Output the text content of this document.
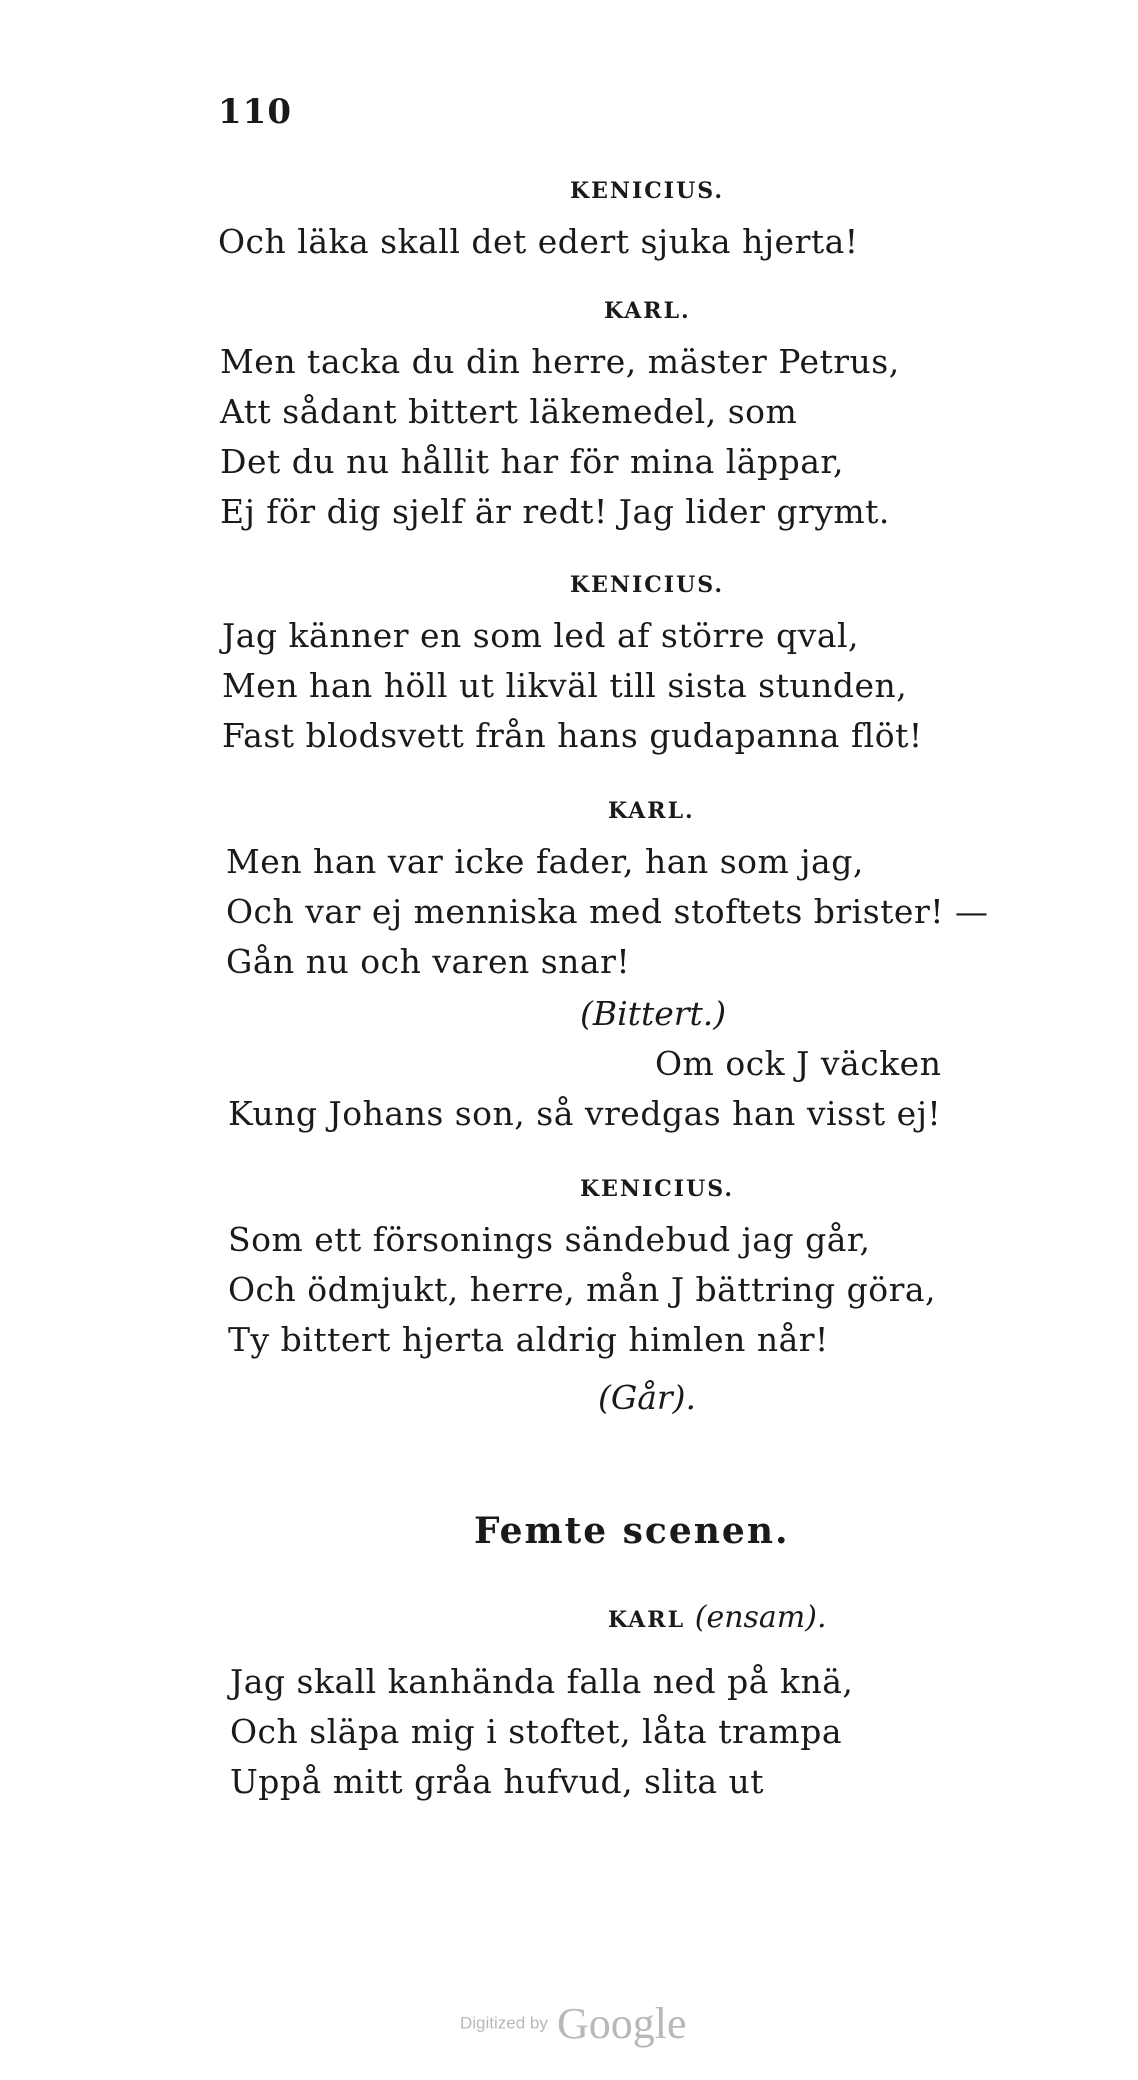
110
KENICIUS.
Och läka skall det edert sjuka hjerta!
KARL.
Men tacka du din herre, mäster Petrus,
Att sådant bittert läkemedel, som
Det du nu hållit har för mina läppar,
Ej för dig sjelf är redt! Jag lider grymt.
KENICIUS.
Jag känner en som led af större qval,
Men han höll ut likväl till sista stunden,
Fast blodsvett från hans gudapanna flöt!
KARL.
Men han var icke fader, han som jag,
Och var ej menniska med stoftets brister! —
Gån nu och varen snar!
(Bittert.)
Om ock J väcken
Kung Johans son, så vredgas han visst ej!
KENICIUS.
Som ett försonings sändebud jag går,
Och ödmjukt, herre, mån J bättring göra,
Ty bittert hjerta aldrig himlen når!
(Går).
Femte scenen.
KARL (ensam).
Jag skall kanhända falla ned på knä,
Och släpa mig i stoftet, låta trampa
Uppå mitt gråa hufvud, slita ut
Digitized by Google
